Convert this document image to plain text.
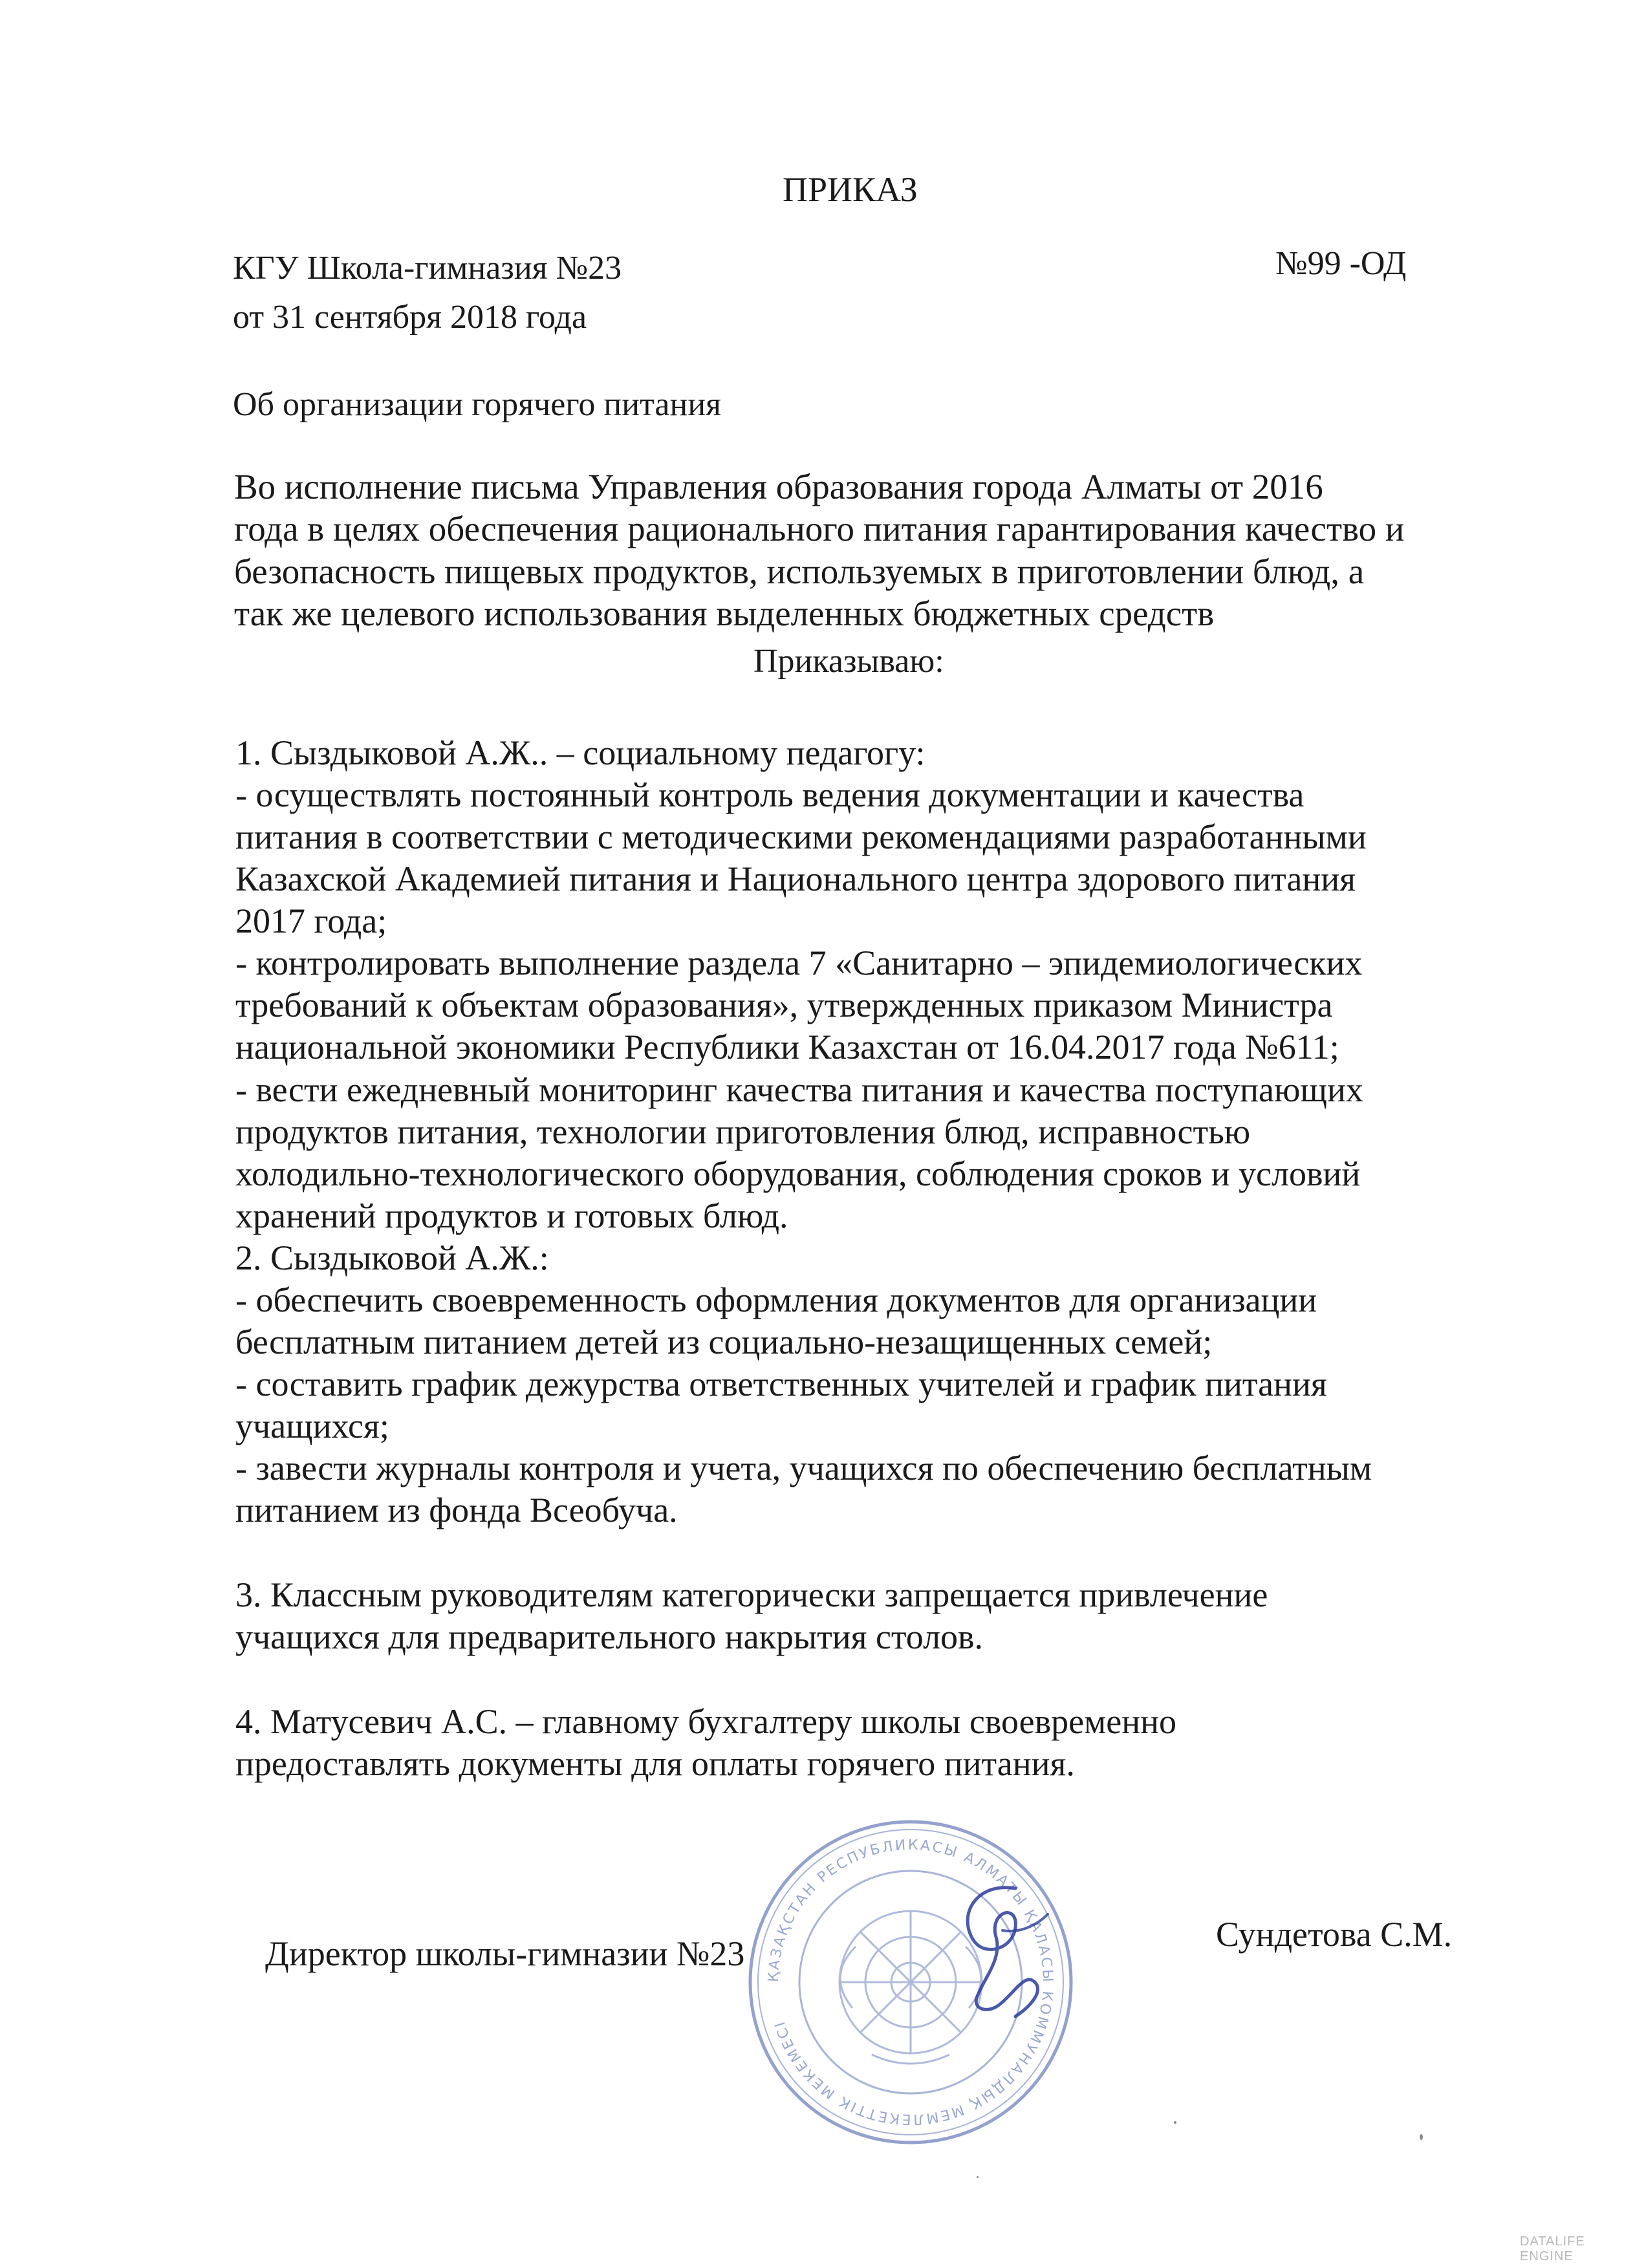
ПРИКАЗ
КГУ Школа-гимназия №23	№99 -ОД
от 31 сентября 2018 года
Об организации горячего питания
Во исполнение письма Управления образования города Алматы от 2016
года в целях обеспечения рационального питания гарантирования качество и
безопасность пищевых продуктов, используемых в приготовлении блюд, а
так же целевого использования выделенных бюджетных средств
Приказываю:
1. Сыздыковой А.Ж.. – социальному педагогу:
- осуществлять постоянный контроль ведения документации и качества
питания в соответствии с методическими рекомендациями разработанными
Казахской Академией питания и Национального центра здорового питания
2017 года;
- контролировать выполнение раздела 7 «Санитарно – эпидемиологических
требований к объектам образования», утвержденных приказом Министра
национальной экономики Республики Казахстан от 16.04.2017 года №611;
- вести ежедневный мониторинг качества питания и качества поступающих
продуктов питания, технологии приготовления блюд, исправностью
холодильно-технологического оборудования, соблюдения сроков и условий
хранений продуктов и готовых блюд.
2. Сыздыковой А.Ж.:
- обеспечить своевременность оформления документов для организации
бесплатным питанием детей из социально-незащищенных семей;
- составить график дежурства ответственных учителей и график питания
учащихся;
- завести журналы контроля и учета, учащихся по обеспечению бесплатным
питанием из фонда Всеобуча.
3. Классным руководителям категорически запрещается привлечение
учащихся для предварительного накрытия столов.
4. Матусевич А.С. – главному бухгалтеру школы своевременно
предоставлять документы для оплаты горячего питания.
ҚАЗАҚСТАН РЕСПУБЛИКАСЫ АЛМАТЫ ҚАЛАСЫ КОММУНАЛДЫҚ МЕМЛЕКЕТТІК МЕКЕМЕСІ
Директор школы-гимназии №23	Сундетова С.М.
DATALIFE ENGINE
